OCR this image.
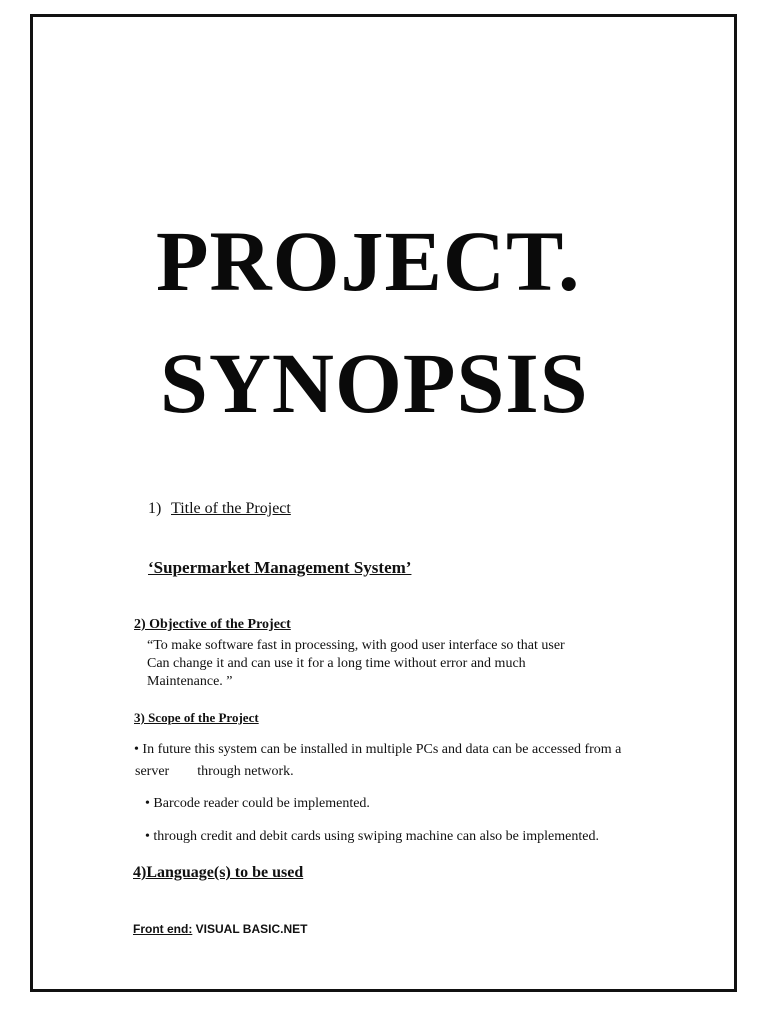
PROJECT.
SYNOPSIS
1) Title of the Project
‘Supermarket Management System’
2) Objective of the Project
“To make software fast in processing, with good user interface so that user
Can change it and can use it for a long time without error and much
Maintenance. ”
3) Scope of the Project
• In future this system can be installed in multiple PCs and data can be accessed from a
server through network.
• Barcode reader could be implemented.
• through credit and debit cards using swiping machine can also be implemented.
4)Language(s) to be used
Front end: VISUAL BASIC.NET
